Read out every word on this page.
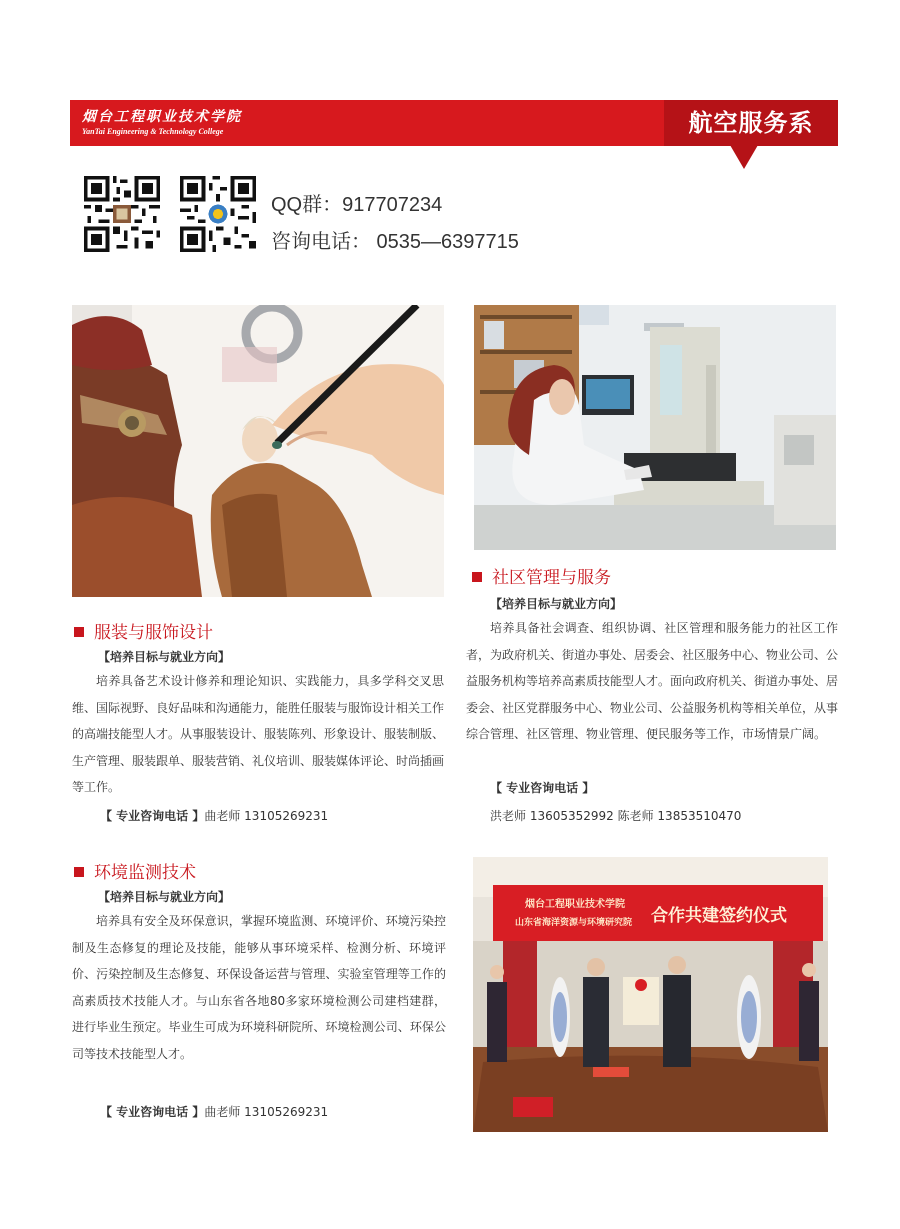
烟台工程职业技术学院
YanTai Engineering & Technology College	航空服务系
QQ群：917707234
咨询电话： 0535—6397715
烟台工程职业技术学院
山东省海洋资源与环境研究院 合作共建签约仪式
社区管理与服务
【培养目标与就业方向】
培养具备社会调查、组织协调、社区管理和服务能力的社区工作者，为政府机关、街道办事处、居委会、社区服务中心、物业公司、公益服务机构等培养高素质技能型人才。面向政府机关、街道办事处、居委会、社区党群服务中心、物业公司、公益服务机构等相关单位，从事综合管理、社区管理、物业管理、便民服务等工作，市场情景广阔。
【 专业咨询电话 】
洪老师 13605352992 陈老师 13853510470
服装与服饰设计
【培养目标与就业方向】
培养具备艺术设计修养和理论知识、实践能力，具多学科交叉思维、国际视野、良好品味和沟通能力，能胜任服装与服饰设计相关工作的高端技能型人才。从事服装设计、服装陈列、形象设计、服装制版、生产管理、服装跟单、服装营销、礼仪培训、服装媒体评论、时尚插画等工作。
【 专业咨询电话 】曲老师 13105269231
环境监测技术
【培养目标与就业方向】
培养具有安全及环保意识，掌握环境监测、环境评价、环境污染控制及生态修复的理论及技能，能够从事环境采样、检测分析、环境评价、污染控制及生态修复、环保设备运营与管理、实验室管理等工作的高素质技术技能人才。与山东省各地80多家环境检测公司建档建群，进行毕业生预定。毕业生可成为环境科研院所、环境检测公司、环保公司等技术技能型人才。
【 专业咨询电话 】曲老师 13105269231
